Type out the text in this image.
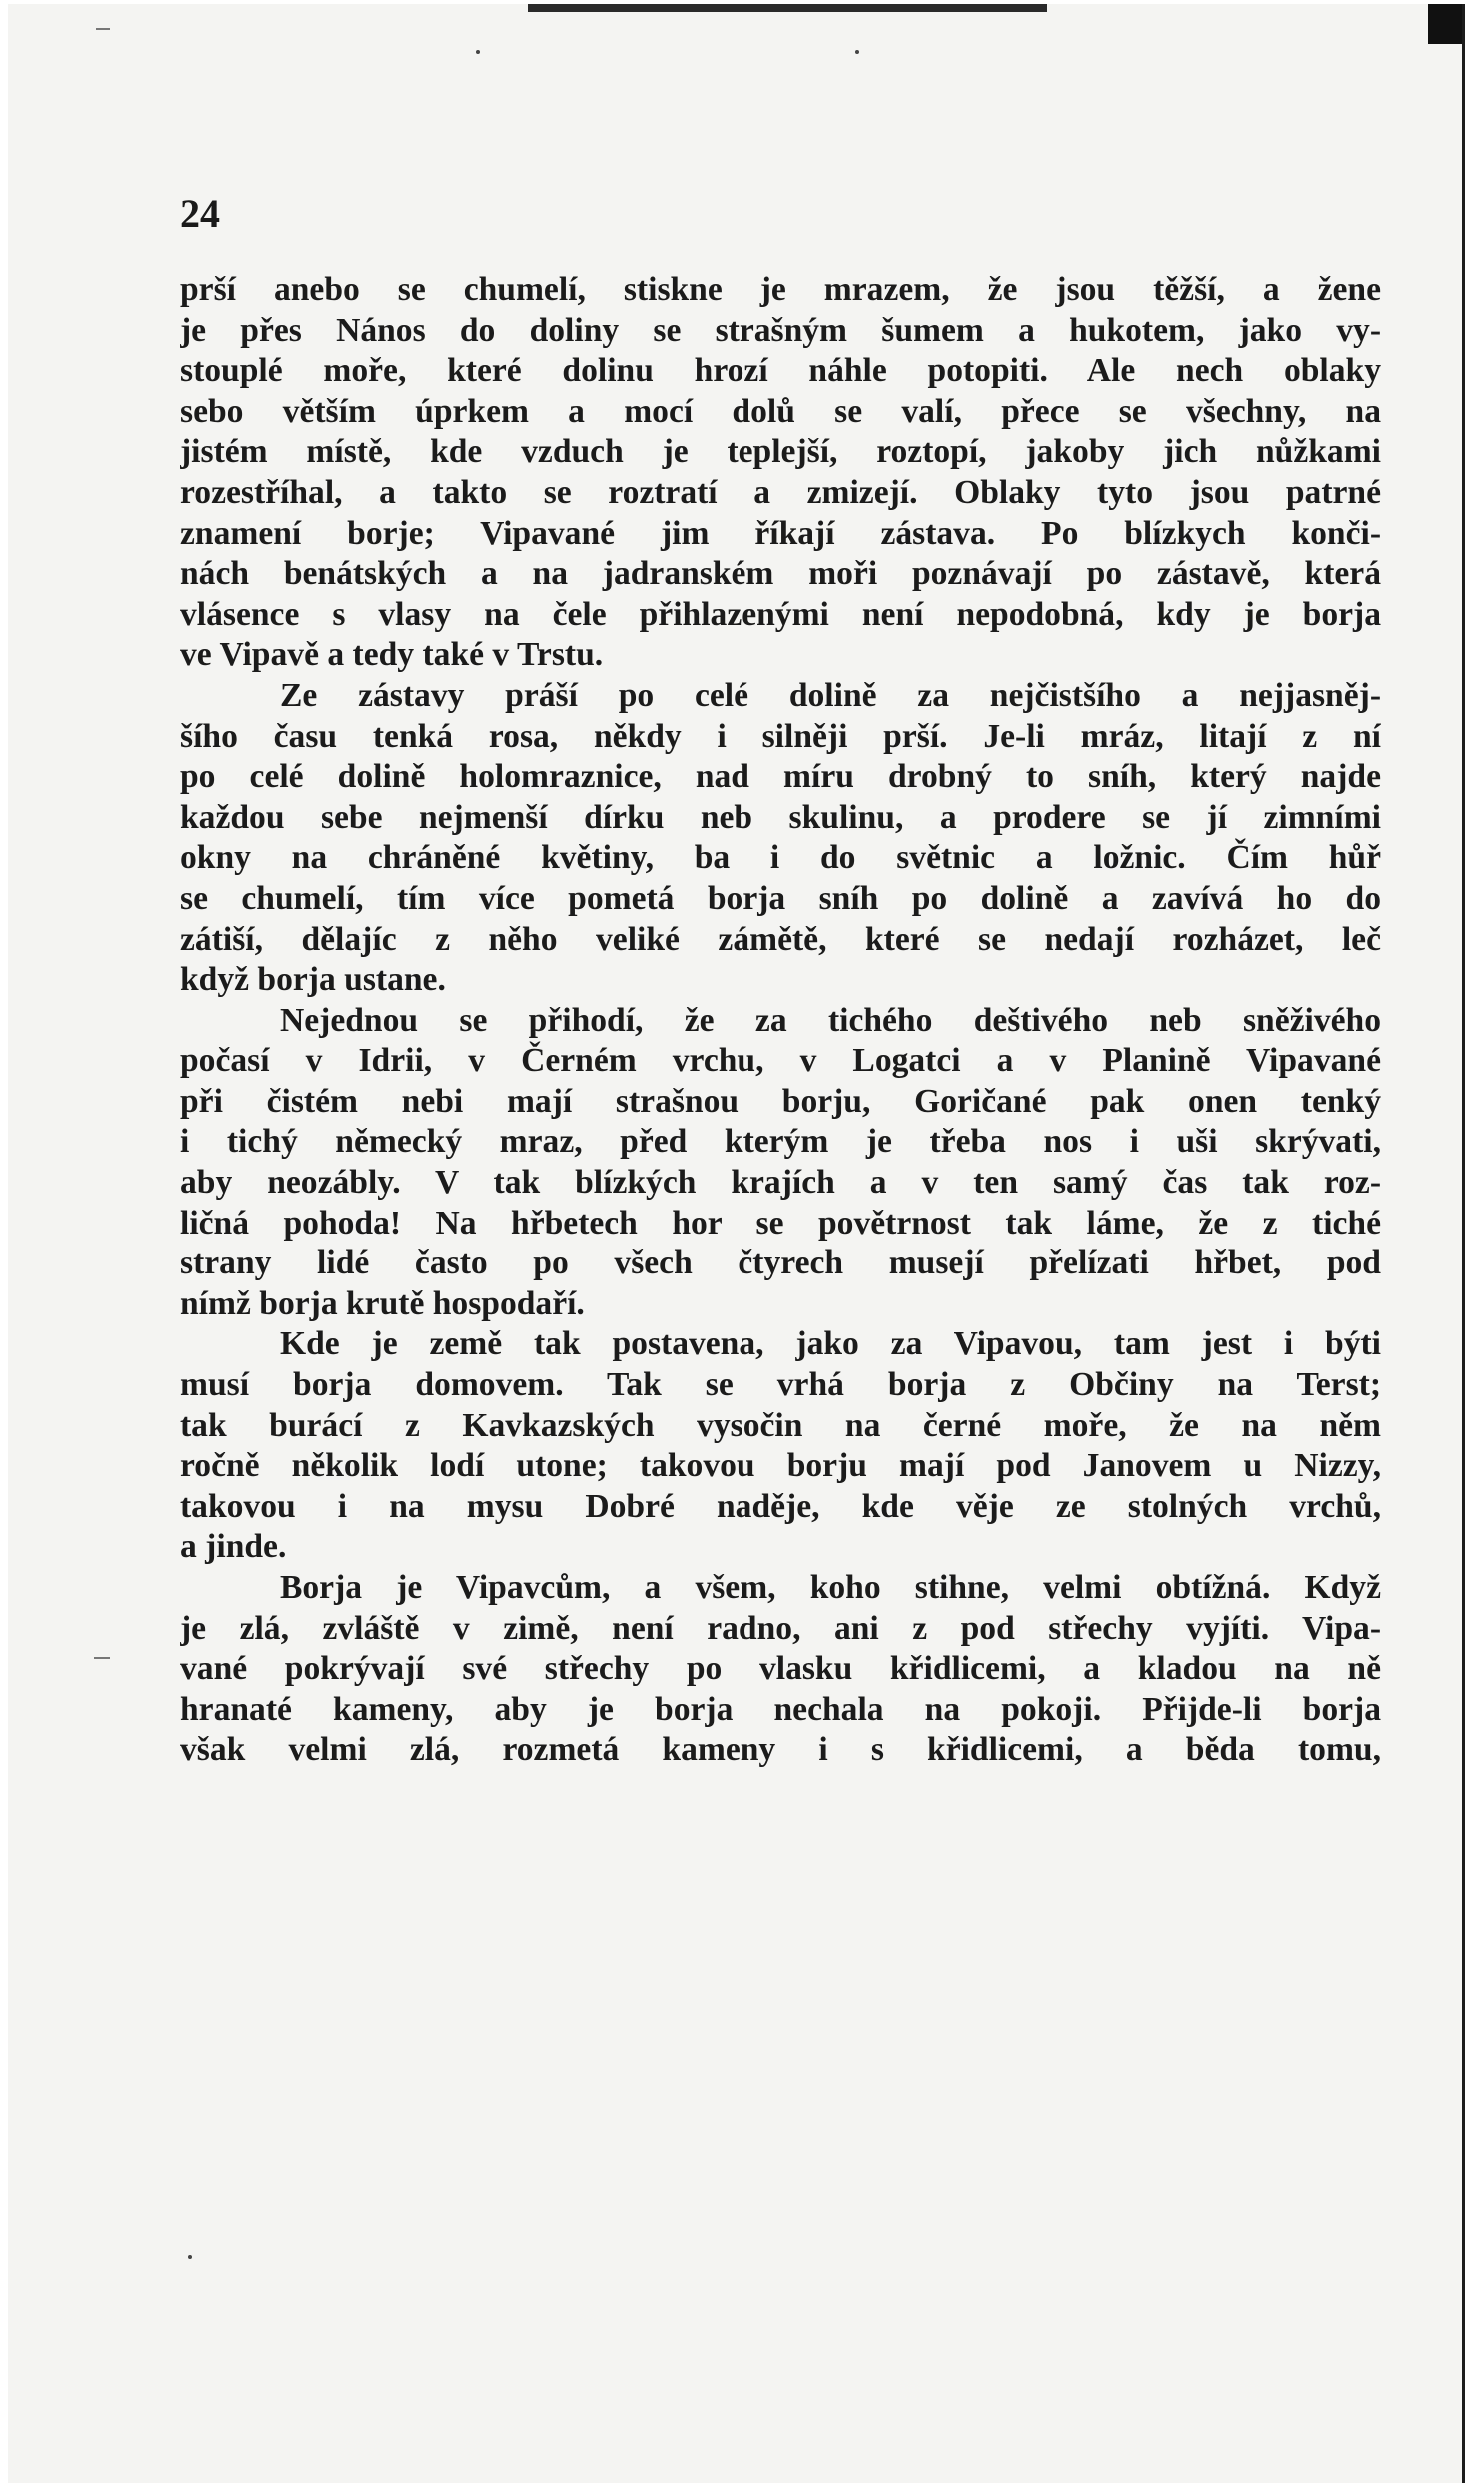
24
prší anebo se chumelí, stiskne je mrazem, že jsou těžší, a žene
je přes Nános do doliny se strašným šumem a hukotem, jako vy-
stouplé moře, které dolinu hrozí náhle potopiti. Ale nech oblaky
sebo větším úprkem a mocí dolů se valí, přece se všechny, na
jistém místě, kde vzduch je teplejší, roztopí, jakoby jich nůžkami
rozestříhal, a takto se roztratí a zmizejí. Oblaky tyto jsou patrné
znamení borje; Vipavané jim říkají zástava. Po blízkych konči-
nách benátských a na jadranském moři poznávají po zástavě, která
vlásence s vlasy na čele přihlazenými není nepodobná, kdy je borja
ve Vipavě a tedy také v Trstu.
Ze zástavy práší po celé dolině za nejčistšího a nejjasněj-
šího času tenká rosa, někdy i silněji prší. Je-li mráz, litají z ní
po celé dolině holomraznice, nad míru drobný to sníh, který najde
každou sebe nejmenší dírku neb skulinu, a prodere se jí zimními
okny na chráněné květiny, ba i do světnic a ložnic. Čím hůř
se chumelí, tím více pometá borja sníh po dolině a zavívá ho do
zátiší, dělajíc z něho veliké zámětě, které se nedají rozházet, leč
když borja ustane.
Nejednou se přihodí, že za tichého deštivého neb sněživého
počasí v Idrii, v Černém vrchu, v Logatci a v Planině Vipavané
při čistém nebi mají strašnou borju, Goričané pak onen tenký
i tichý německý mraz, před kterým je třeba nos i uši skrývati,
aby neozábly. V tak blízkých krajích a v ten samý čas tak roz-
ličná pohoda! Na hřbetech hor se povětrnost tak láme, že z tiché
strany lidé často po všech čtyrech musejí přelízati hřbet, pod
nímž borja krutě hospodaří.
Kde je země tak postavena, jako za Vipavou, tam jest i býti
musí borja domovem. Tak se vrhá borja z Občiny na Terst;
tak burácí z Kavkazských vysočin na černé moře, že na něm
ročně několik lodí utone; takovou borju mají pod Janovem u Nizzy,
takovou i na mysu Dobré naděje, kde věje ze stolných vrchů,
a jinde.
Borja je Vipavcům, a všem, koho stihne, velmi obtížná. Když
je zlá, zvláště v zimě, není radno, ani z pod střechy vyjíti. Vipa-
vané pokrývají své střechy po vlasku křidlicemi, a kladou na ně
hranaté kameny, aby je borja nechala na pokoji. Přijde-li borja
však velmi zlá, rozmetá kameny i s křidlicemi, a běda tomu,
